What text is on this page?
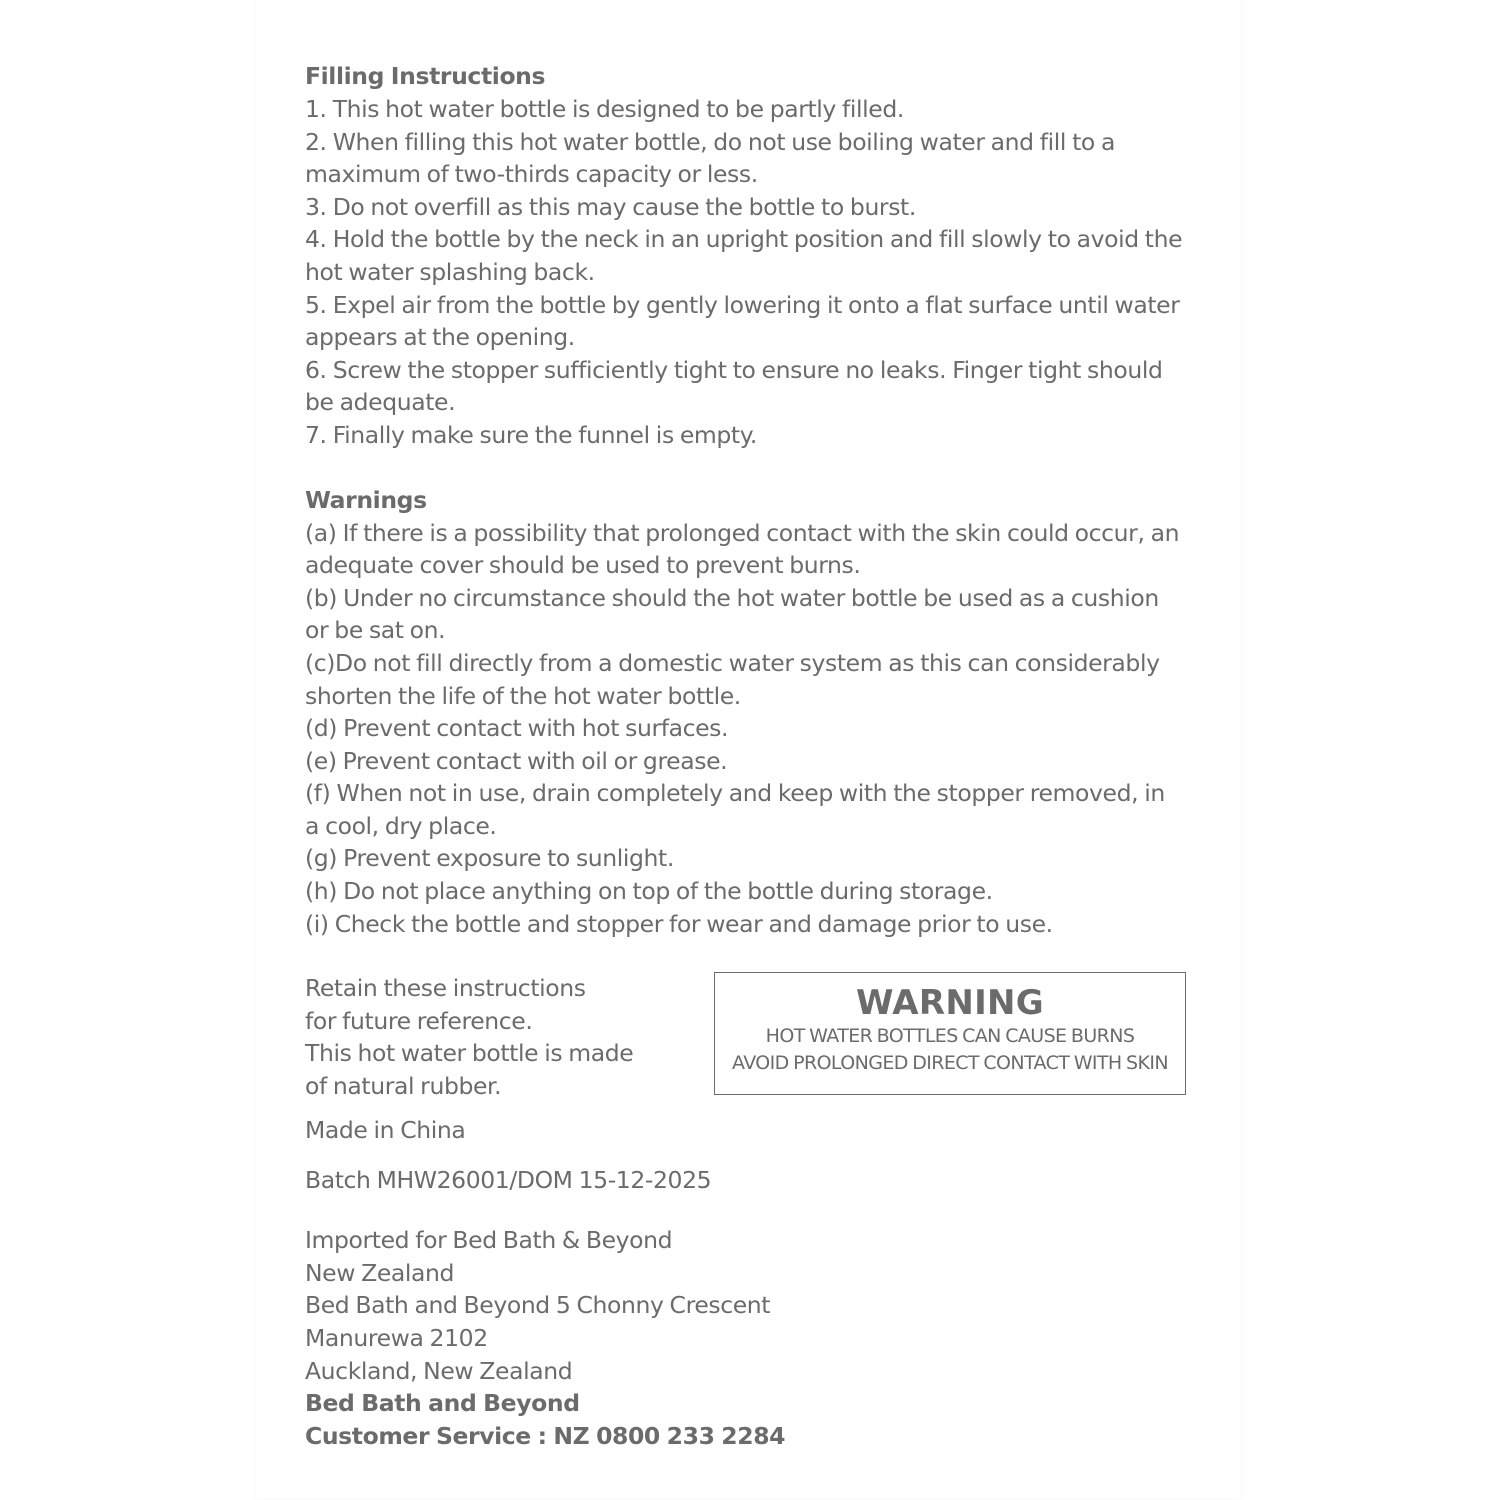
Filling Instructions
1. This hot water bottle is designed to be partly filled.
2. When filling this hot water bottle, do not use boiling water and fill to a
maximum of two-thirds capacity or less.
3. Do not overfill as this may cause the bottle to burst.
4. Hold the bottle by the neck in an upright position and fill slowly to avoid the
hot water splashing back.
5. Expel air from the bottle by gently lowering it onto a flat surface until water
appears at the opening.
6. Screw the stopper sufficiently tight to ensure no leaks. Finger tight should
be adequate.
7. Finally make sure the funnel is empty.
Warnings
(a) If there is a possibility that prolonged contact with the skin could occur, an
adequate cover should be used to prevent burns.
(b) Under no circumstance should the hot water bottle be used as a cushion
or be sat on.
(c)Do not fill directly from a domestic water system as this can considerably
shorten the life of the hot water bottle.
(d) Prevent contact with hot surfaces.
(e) Prevent contact with oil or grease.
(f) When not in use, drain completely and keep with the stopper removed, in
a cool, dry place.
(g) Prevent exposure to sunlight.
(h) Do not place anything on top of the bottle during storage.
(i) Check the bottle and stopper for wear and damage prior to use.
Retain these instructions
for future reference.
This hot water bottle is made
of natural rubber.
WARNING
HOT WATER BOTTLES CAN CAUSE BURNS
AVOID PROLONGED DIRECT CONTACT WITH SKIN
Made in China
Batch MHW26001/DOM 15-12-2025
Imported for Bed Bath & Beyond
New Zealand
Bed Bath and Beyond 5 Chonny Crescent
Manurewa 2102
Auckland, New Zealand
Bed Bath and Beyond
Customer Service : NZ 0800 233 2284
